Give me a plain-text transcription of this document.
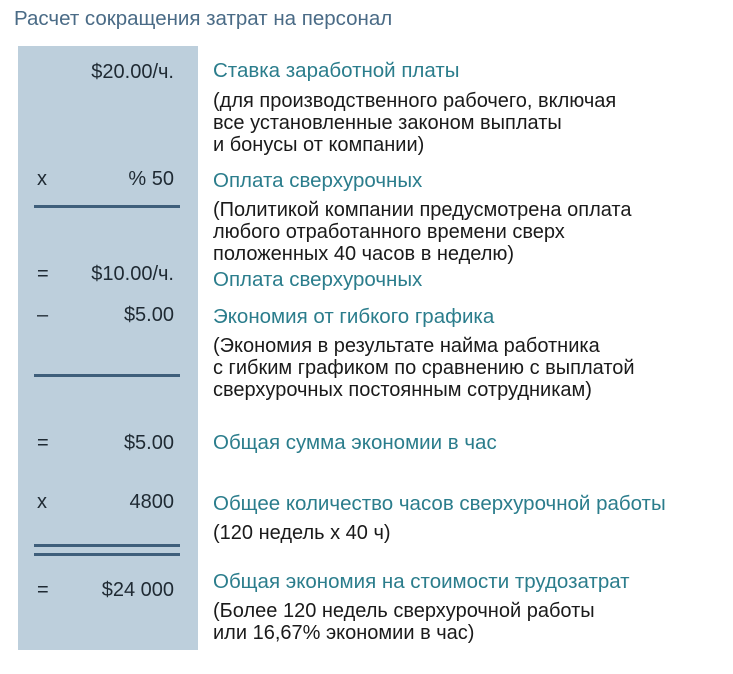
Расчет сокращения затрат на персонал
$20.00/ч. Ставка заработной платы
(для производственного рабочего, включая
все установленные законом выплаты
и бонусы от компании)
x	% 50 Оплата сверхурочных
(Политикой компании предусмотрена оплата
любого отработанного времени сверх
положенных 40 часов в неделю)
= $10.00/ч. Оплата сверхурочных
–	$5.00 Экономия от гибкого графика
(Экономия в результате найма работника
с гибким графиком по сравнению с выплатой
сверхурочных постоянным сотрудникам)
=	$5.00 Общая сумма экономии в час
x	4800 Общее количество часов сверхурочной работы
(120 недель x 40 ч)
=	$24 000 Общая экономия на стоимости трудозатрат
(Более 120 недель сверхурочной работы
или 16,67% экономии в час)
